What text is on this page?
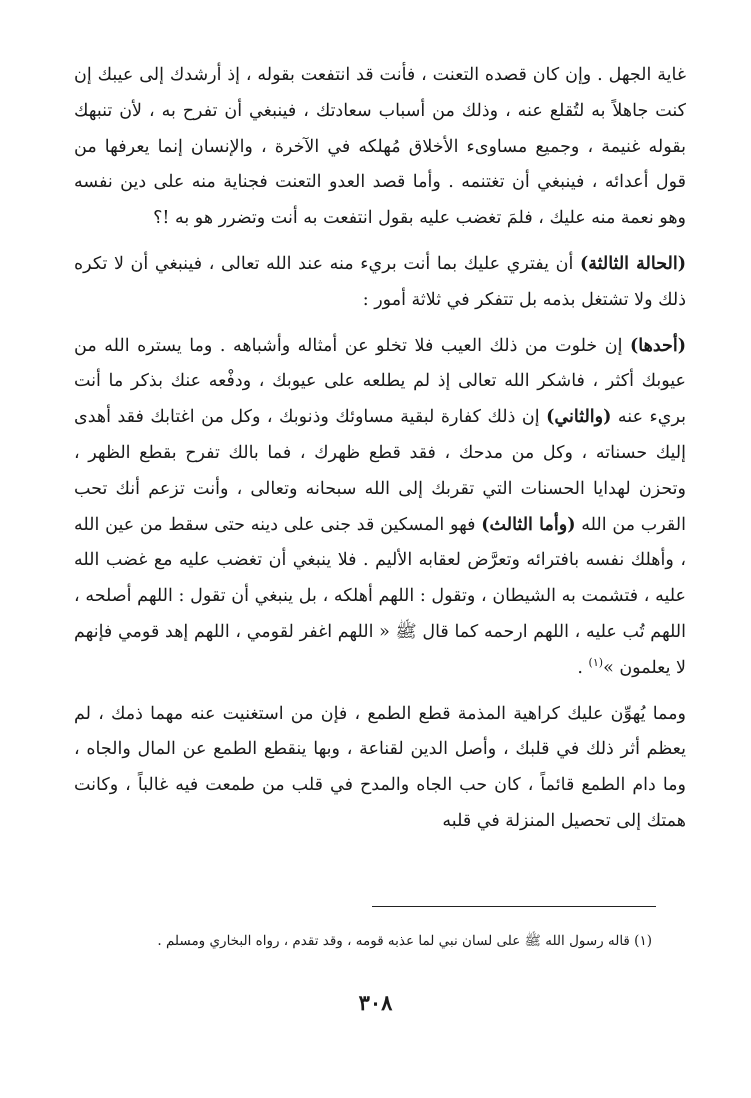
غاية الجهل . وإن كان قصده التعنت ، فأنت قد انتفعت بقوله ، إذ أرشدك إلى عيبك إن كنت جاهلاً به لتُقلع عنه ، وذلك من أسباب سعادتك ، فينبغي أن تفرح به ، لأن تنبهك بقوله غنيمة ، وجميع مساوىء الأخلاق مُهلكه في الآخرة ، والإنسان إنما يعرفها من قول أعدائه ، فينبغي أن تغتنمه . وأما قصد العدو التعنت فجناية منه على دين نفسه وهو نعمة منه عليك ، فلمَ تغضب عليه بقول انتفعت به أنت وتضرر هو به !؟

(الحالة الثالثة) أن يفتري عليك بما أنت بريء منه عند الله تعالى ، فينبغي أن لا تكره ذلك ولا تشتغل بذمه بل تتفكر في ثلاثة أمور :

(أحدها) إن خلوت من ذلك العيب فلا تخلو عن أمثاله وأشباهه . وما يستره الله من عيوبك أكثر ، فاشكر الله تعالى إذ لم يطلعه على عيوبك ، ودفْعه عنك بذكر ما أنت بريء عنه (والثاني) إن ذلك كفارة لبقية مساوئك وذنوبك ، وكل من اغتابك فقد أهدى إليك حسناته ، وكل من مدحك ، فقد قطع ظهرك ، فما بالك تفرح بقطع الظهر ، وتحزن لهدايا الحسنات التي تقربك إلى الله سبحانه وتعالى ، وأنت تزعم أنك تحب القرب من الله (وأما الثالث) فهو المسكين قد جنى على دينه حتى سقط من عين الله ، وأهلك نفسه بافترائه وتعرَّض لعقابه الأليم . فلا ينبغي أن تغضب عليه مع غضب الله عليه ، فتشمت به الشيطان ، وتقول : اللهم أهلكه ، بل ينبغي أن تقول : اللهم أصلحه ، اللهم تُب عليه ، اللهم ارحمه كما قال ﷺ « اللهم اغفر لقومي ، اللهم إهد قومي فإنهم لا يعلمون »$^{(١)}$ .

ومما يُهوِّن عليك كراهية المذمة قطع الطمع ، فإن من استغنيت عنه مهما ذمك ، لم يعظم أثر ذلك في قلبك ، وأصل الدين لقناعة ، وبها ينقطع الطمع عن المال والجاه ، وما دام الطمع قائماً ، كان حب الجاه والمدح في قلب من طمعت فيه غالباً ، وكانت همتك إلى تحصيل المنزلة في قلبه

(١) قاله رسول الله ﷺ على لسان نبي لما عذبه قومه ، وقد تقدم ، رواه البخاري ومسلم .
٣٠٨
